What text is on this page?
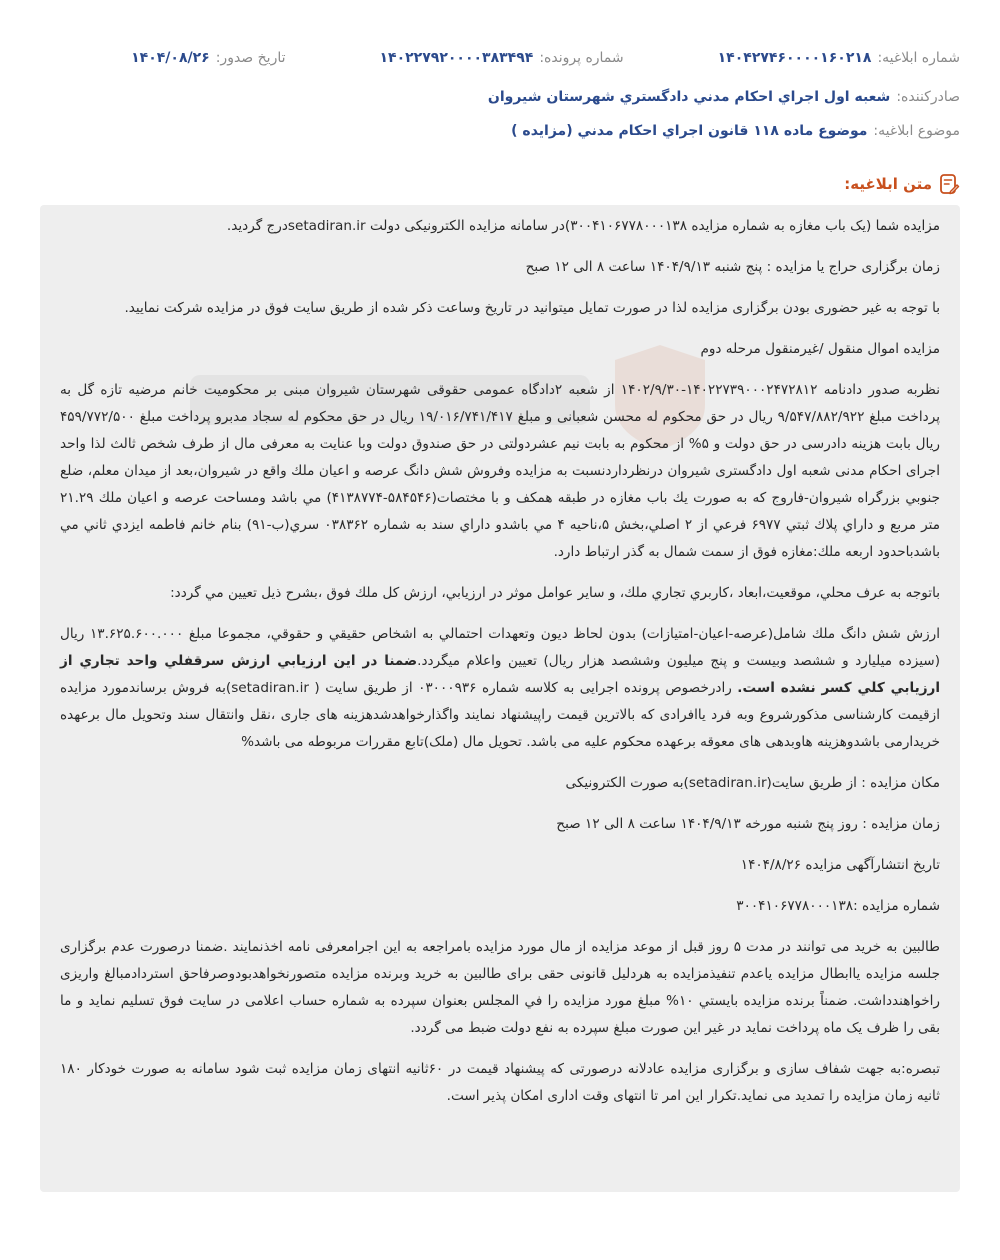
شماره ابلاغیه:
۱۴۰۴۲۷۴۶۰۰۰۰۱۶۰۲۱۸
شماره پرونده:
۱۴۰۲۲۷۹۲۰۰۰۰۳۸۳۴۹۴
تاریخ صدور:
۱۴۰۴/۰۸/۲۶
صادرکننده:
شعبه اول اجراي احكام مدني دادگستري شهرستان شيروان
موضوع ابلاغیه:
موضوع ماده ۱۱۸ قانون اجراي احکام مدني (مزايده )
متن ابلاغیه:

مزایده شما (یک باب مغازه به شماره مزایده ۳۰۰۴۱۰۶۷۷۸۰۰۰۱۳۸)در سامانه مزایده الکترونیکی دولت setadiran.irدرج گردید.

زمان برگزاری حراج یا مزایده : پنج شنبه ۱۴۰۴/۹/۱۳ ساعت ۸ الی ۱۲ صبح

با توجه به غیر حضوری بودن برگزاری مزایده لذا در صورت تمایل میتوانید در تاریخ وساعت ذکر شده از طریق سایت فوق در مزایده شرکت نمایید.

مزایده اموال منقول /غیرمنقول مرحله دوم

نظربه صدور دادنامه ۱۴۰۲۲۷۳۹۰۰۰۲۴۷۲۸۱۲-۱۴۰۲/۹/۳۰ از شعبه ۲دادگاه عمومی حقوقی شهرستان شیروان مبنی بر محکومیت خانم مرضیه تازه گل به پرداخت مبلغ ۹/۵۴۷/۸۸۲/۹۲۲ ریال در حق محکوم له محسن شعبانی و مبلغ ۱۹/۰۱۶/۷۴۱/۴۱۷ ریال در حق محکوم له سجاد مدبرو پرداخت مبلغ ۴۵۹/۷۷۲/۵۰۰ ریال بابت هزینه دادرسی در حق دولت و ۵% از محکوم به بابت نیم عشردولتی در حق صندوق دولت وبا عنایت به معرفی مال از طرف شخص ثالث لذا واحد اجرای احکام مدنی شعبه اول دادگستری شیروان درنظرداردنسبت به مزایده وفروش شش دانگ عرصه و اعيان ملك واقع در شيروان،بعد از ميدان معلم، ضلع جنوبي بزرگراه شيروان-فاروج كه به صورت يك باب مغازه در طبقه همكف و با مختصات(۵۸۴۵۴۶-۴۱۳۸۷۷۴) مي باشد ومساحت عرصه و اعيان ملك ۲۱.۲۹ متر مربع و داراي پلاك ثبتي ۶۹۷۷ فرعي از ۲ اصلي،بخش ۵،ناحيه ۴ مي باشدو داراي سند به شماره ۰۳۸۳۶۲ سري(ب-۹۱) بنام خانم فاطمه ايزدي ثاني مي باشدباحدود اربعه ملك:مغازه فوق از سمت شمال به گذر ارتباط دارد.

باتوجه به عرف محلي، موقعيت،ابعاد ،كاربري تجاري ملك، و ساير عوامل موثر در ارزيابي، ارزش كل ملك فوق ،بشرح ذيل تعيين مي گردد:

ارزش شش دانگ ملك شامل(عرصه-اعيان-امتيازات) بدون لحاظ ديون وتعهدات احتمالي به اشخاص حقيقي و حقوقي، مجموعا مبلغ ۱۳.۶۲۵.۶۰۰.۰۰۰ ريال (سيزده ميليارد و ششصد وبيست و پنج ميليون وششصد هزار ريال) تعيين واعلام ميگردد.ضمنا در اين ارزيابي ارزش سرقفلي واحد تجاري از ارزيابي كلي كسر نشده است. رادرخصوص پرونده اجرایی به کلاسه شماره ۰۳۰۰۰۹۳۶ از طریق سایت ( setadiran.ir)به فروش برساندمورد مزایده ازقیمت کارشناسی مذکورشروع وبه فرد یاافرادی که بالاترین قیمت راپیشنهاد نمایند واگذارخواهدشدهزینه های جاری ،نقل وانتقال سند وتحویل مال برعهده خریدارمی باشدوهزینه هاوبدهی های معوقه برعهده محکوم علیه می باشد. تحویل مال (ملک)تابع مقررات مربوطه می باشد%

مکان مزایده : از طریق سایت(setadiran.ir)به صورت الکترونیکی

زمان مزایده : روز پنج شنبه مورخه ۱۴۰۴/۹/۱۳ ساعت ۸ الی ۱۲ صبح

تاریخ انتشارآگهی مزایده ۱۴۰۴/۸/۲۶

شماره مزایده :۳۰۰۴۱۰۶۷۷۸۰۰۰۱۳۸

طالبین به خرید می توانند در مدت ۵ روز قبل از موعد مزایده از مال مورد مزایده بامراجعه به این اجرامعرفی نامه اخذنمایند .ضمنا درصورت عدم برگزاری جلسه مزایده یاابطال مزایده یاعدم تنفیذمزایده به هردلیل قانونی حقی برای طالبین به خرید وبرنده مزایده متصورنخواهدبودوصرفاحق استردادمبالغ واریزی راخواهندداشت. ضمناً برنده مزايده بايستي ۱۰% مبلغ مورد مزايده را في المجلس بعنوان سپرده به شماره حساب اعلامی در سایت فوق تسلیم نماید و ما بقی را ظرف یک ماه پرداخت نماید در غیر این صورت مبلغ سپرده به نفع دولت ضبط می گردد.

تبصره:به جهت شفاف سازی و برگزاری مزایده عادلانه درصورتی که پیشنهاد قیمت در ۶۰ثانیه انتهای زمان مزایده ثبت شود سامانه به صورت خودکار ۱۸۰ ثانیه زمان مزایده را تمدید می نماید.تکرار این امر تا انتهای وقت اداری امکان پذیر است.
